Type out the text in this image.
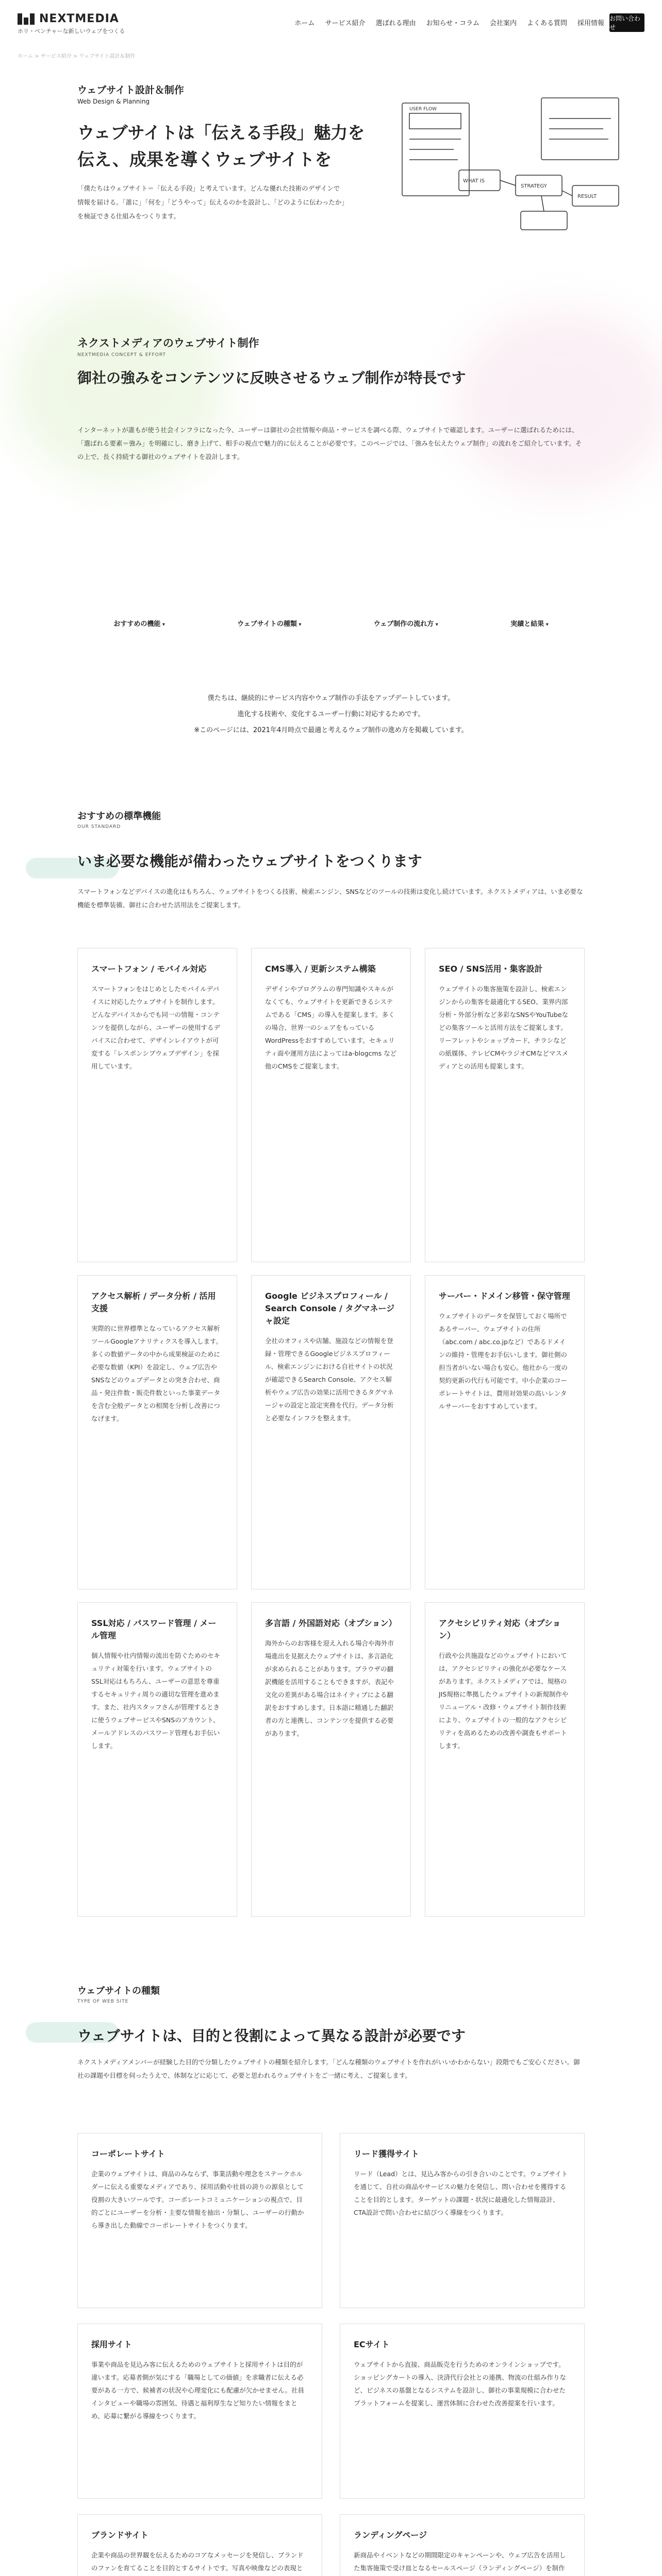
NEXTMEDIA
ホリ・ベンチャーな新しいウェブをつくる
ホーム サービス紹介 選ばれる理由 お知らせ・コラム 会社案内 よくある質問 採用情報
お問い合わせ
ホーム > サービス紹介 > ウェブサイト設計＆制作
ウェブサイト設計＆制作
Web Design & Planning
ウェブサイトは「伝える手段」魅力を伝え、成果を導くウェブサイトを
「僕たちはウェブサイト＝「伝える手段」と考えています。どんな優れた技術のデザインで情報を届ける。「誰に」「何を」「どうやって」伝えるのかを設計し、「どのように伝わったか」を検証できる仕組みをつくります。
USER FLOW
WHAT IS
STRATEGY
RESULT
ネクストメディアのウェブサイト制作
NEXTMEDIA CONCEPT & EFFORT
御社の強みをコンテンツに反映させるウェブ制作が特長です
インターネットが誰もが使う社会インフラになった今、ユーザーは御社の会社情報や商品・サービスを調べる際、ウェブサイトで確認します。ユーザーに選ばれるためには、「選ばれる要素＝強み」を明確にし、磨き上げて、相手の視点で魅力的に伝えることが必要です。このページでは、「強みを伝えたウェブ制作」の流れをご紹介しています。その上で、長く持続する御社のウェブサイトを設計します。
おすすめの機能 ▾	ウェブサイトの種類 ▾	ウェブ制作の流れ方 ▾	実績と結果 ▾
僕たちは、継続的にサービス内容やウェブ制作の手法をアップデートしています。
進化する技術や、変化するユーザー行動に対応するためです。
※このページには、2021年4月時点で最適と考えるウェブ制作の進め方を掲載しています。
おすすめの標準機能
OUR STANDARD
いま必要な機能が備わったウェブサイトをつくります
スマートフォンなどデバイスの進化はもちろん、ウェブサイトをつくる技術、検索エンジン、SNSなどのツールの技術は変化し続けています。ネクストメディアは、いま必要な機能を標準装備、御社に合わせた活用法をご提案します。
スマートフォン / モバイル対応

スマートフォンをはじめとしたモバイルデバイスに対応したウェブサイトを制作します。どんなデバイスからでも同一の情報・コンテンツを提供しながら、ユーザーの使用するデバイスに合わせて、デザインレイアウトが可変する「レスポンシブウェブデザイン」を採用しています。

CMS導入 / 更新システム構築

デザインやプログラムの専門知識やスキルがなくても、ウェブサイトを更新できるシステムである「CMS」の導入を提案します。多くの場合、世界一のシェアをもっているWordPressをおすすめしています。セキュリティ面や運用方法によってはa-blogcms など他のCMSをご提案します。

SEO / SNS活用・集客設計

ウェブサイトの集客施策を設計し、検索エンジンからの集客を最適化するSEO、業界内部分析・外部分析など多彩なSNSやYouTubeなどの集客ツールと活用方法をご提案します。リーフレットやショップカード、チラシなどの紙媒体、テレビCMやラジオCMなどマスメディアとの活用も提案します。

アクセス解析 / データ分析 / 活用支援

実際的に世界標準となっているアクセス解析ツールGoogleアナリティクスを導入します。多くの数値データの中から成果検証のために必要な数値（KPI）を設定し、ウェブ広告やSNSなどのウェブデータとの突き合わせ、商品・発注件数・販売件数といった事業データを含む全般データとの相関を分析し改善につなげます。

Google ビジネスプロフィール / Search Console / タグマネージャ設定

全社のオフィスや店舗、施設などの情報を登録・管理できるGoogleビジネスプロフィール、検索エンジンにおける自社サイトの状況が確認できるSearch Console、アクセス解析やウェブ広告の効果に活用できるタグマネージャの設定と設定実務を代行。データ分析と必要なインフラを整えます。

サーバー・ドメイン移管・保守管理

ウェブサイトのデータを保管しておく場所であるサーバー、ウェブサイトの住所（abc.com / abc.co.jpなど）であるドメインの維持・管理をお手伝いします。御社側の担当者がいない場合も安心。他社から一度の契約更新の代行も可能です。中小企業のコーポレートサイトは、費用対効果の高いレンタルサーバーをおすすめしています。

SSL対応 / パスワード管理 / メール管理

個人情報や社内情報の流出を防ぐためのセキュリティ対策を行います。ウェブサイトのSSL対応はもちろん、ユーザーの意思を尊重するセキュリティ周りの適切な管理を進めます。また、社内スタッフさんが管理するときに使うウェブサービスやSNSのアカウント、メールアドレスのパスワード管理もお手伝いします。

多言語 / 外国語対応（オプション）

海外からのお客様を迎え入れる場合や海外市場進出を見据えたウェブサイトは、多言語化が求められることがあります。ブラウザの翻訳機能を活用することもできますが、表記や文化の差異がある場合はネイティブによる翻訳をおすすめします。日本語に精通した翻訳者の方と連携し、コンテンツを提供する必要があります。

アクセシビリティ対応（オプション）

行政や公共施設などのウェブサイトにおいては、アクセシビリティの強化が必要なケースがあります。ネクストメディアでは、規格のJIS規格に準拠したウェブサイトの新規制作やリニューアル・改修・ウェブサイト制作技術により、ウェブサイトの一般的なアクセシビリティを高めるための改善や調査もサポートします。

ウェブサイトの種類
TYPE OF WEB SITE
ウェブサイトは、目的と役割によって異なる設計が必要です
ネクストメディアメンバーが経験した目的で分類したウェブサイトの種類を紹介します。「どんな種類のウェブサイトを作れがいいかわからない」段階でもご安心ください。御社の課題や目標を伺ったうえで、体制などに応じて、必要と思われるウェブサイトをご一緒に考え、ご提案します。
コーポレートサイト

企業のウェブサイトは、商品のみならず、事業活動や理念をステークホルダーに伝える重要なメディアであり、採用活動や社員の誇りの源泉として役割の大きいツールです。コーポレートコミュニケーションの視点で、目的ごとにユーザーを分析・主要な情報を抽出・分類し、ユーザーの行動から導き出した動線でコーポレートサイトをつくります。

リード獲得サイト

リード（Lead）とは、見込み客からの引き合いのことです。ウェブサイトを通じて、自社の商品やサービスの魅力を発信し、問い合わせを獲得することを目的とします。ターゲットの課題・状況に最適化した情報設計、CTA設計で問い合わせに結びつく導線をつくります。

採用サイト

事業や商品を見込み客に伝えるためのウェブサイトと採用サイトは目的が違います。応募者側が気にする「職場としての価値」を求職者に伝える必要がある一方で、候補者の状況や心理変化にも配慮が欠かせません。社員インタビューや職場の雰囲気、待遇と福利厚生など知りたい情報をまとめ、応募に繋がる導線をつくります。

ECサイト

ウェブサイトから直接、商品販売を行うためのオンラインショップです。ショッピングカートの導入、決済代行会社との連携、物流の仕組み作りなど、ビジネスの基盤となるシステムを設計し、御社の事業規模に合わせたプラットフォームを提案し、運営体制に合わせた改善提案を行います。

ブランドサイト

企業や商品の世界観を伝えるためのコアなメッセージを発信し、ブランドのファンを育てることを目的とするサイトです。写真や映像などの表現と

ランディングページ

新商品やイベントなどの期間限定のキャンペーンや、ウェブ広告を活用した集客施策で受け皿となるセールスページ（ランディングページ）を制作
